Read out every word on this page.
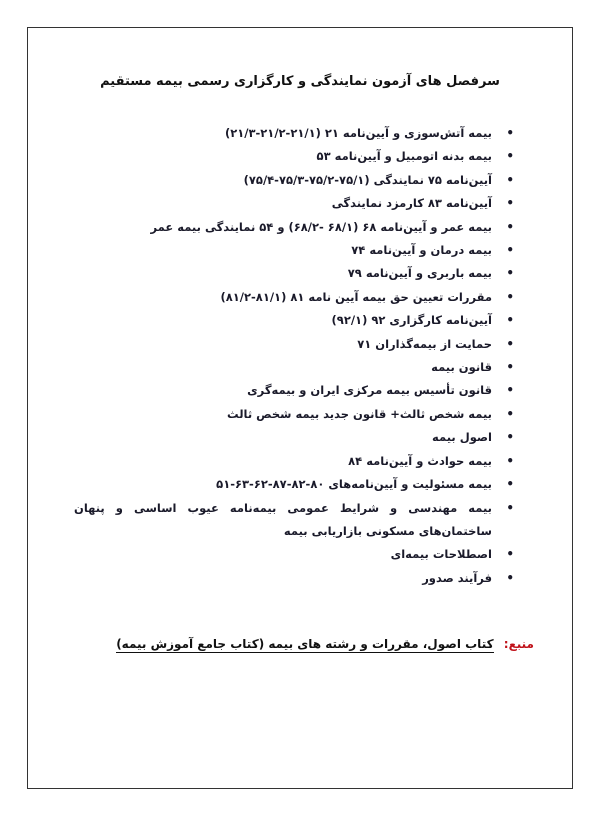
سرفصل های آزمون نمایندگی و کارگزاری رسمی بیمه مستقیم
•
بیمه آتش‌سوزی و آیین‌نامه ۲۱ (۲۱/۱-۲۱/۲-۲۱/۳)
•
بیمه بدنه اتومبیل و آیین‌نامه ۵۳
•
آیین‌نامه ۷۵ نمایندگی (۷۵/۱-۷۵/۲-۷۵/۳-۷۵/۴)
•
آیین‌نامه ۸۳ کارمزد نمایندگی
•
بیمه عمر و آیین‌نامه ۶۸ (۶۸/۱ -۶۸/۲) و ۵۴ نمایندگی بیمه عمر
•
بیمه درمان و آیین‌نامه ۷۴
•
بیمه باربری و آیین‌نامه ۷۹
•
مقررات تعیین حق بیمه آیین نامه ۸۱ (۸۱/۱-۸۱/۲)
•
آیین‌نامه کارگزاری ۹۲ (۹۲/۱)
•
حمایت از بیمه‌گذاران ۷۱
•
قانون بیمه
•
قانون تأسیس بیمه مرکزی ایران و بیمه‌گری
•
بیمه شخص ثالث+ قانون جدید بیمه شخص ثالث
•
اصول بیمه
•
بیمه حوادث و آیین‌نامه ۸۴
•
بیمه مسئولیت و آیین‌نامه‌های ۸۰-۸۲-۸۷-۶۲-۶۳-۵۱
•
بیمه مهندسی و شرایط عمومی بیمه‌نامه عیوب اساسی و پنهان ساختمان‌های مسکونی بازاریابی بیمه
•
اصطلاحات بیمه‌ای
•
فرآیند صدور
منبع: کتاب اصول، مقررات و رشته های بیمه (کتاب جامع آموزش بیمه)
